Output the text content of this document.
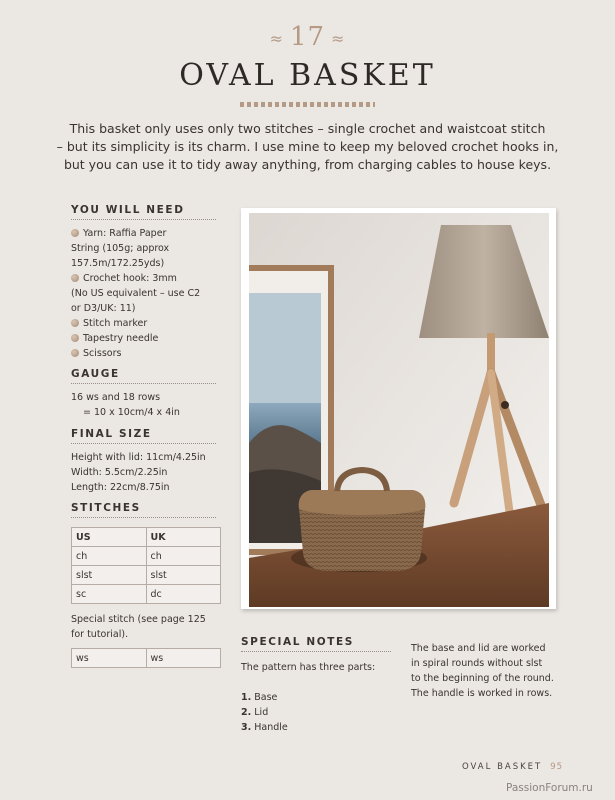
≈ 17 ≈
OVAL BASKET
This basket only uses only two stitches – single crochet and waistcoat stitch
– but its simplicity is its charm. I use mine to keep my beloved crochet hooks in,
but you can use it to tidy away anything, from charging cables to house keys.
YOU WILL NEED
Yarn: Raffia Paper
String (105g; approx
157.5m/172.25yds)
Crochet hook: 3mm
(No US equivalent – use C2
or D3/UK: 11)
Stitch marker
Tapestry needle
Scissors
GAUGE
16 ws and 18 rows
= 10 x 10cm/4 x 4in
FINAL SIZE
Height with lid: 11cm/4.25in
Width: 5.5cm/2.25in
Length: 22cm/8.75in
STITCHES
US	UK
ch	ch
slst	slst
sc	dc
Special stitch (see page 125
for tutorial).
ws	ws
SPECIAL NOTES
The pattern has three parts:
1. Base
2. Lid
3. Handle
The base and lid are worked
in spiral rounds without slst
to the beginning of the round.
The handle is worked in rows.
OVAL BASKET 95
PassionForum.ru
